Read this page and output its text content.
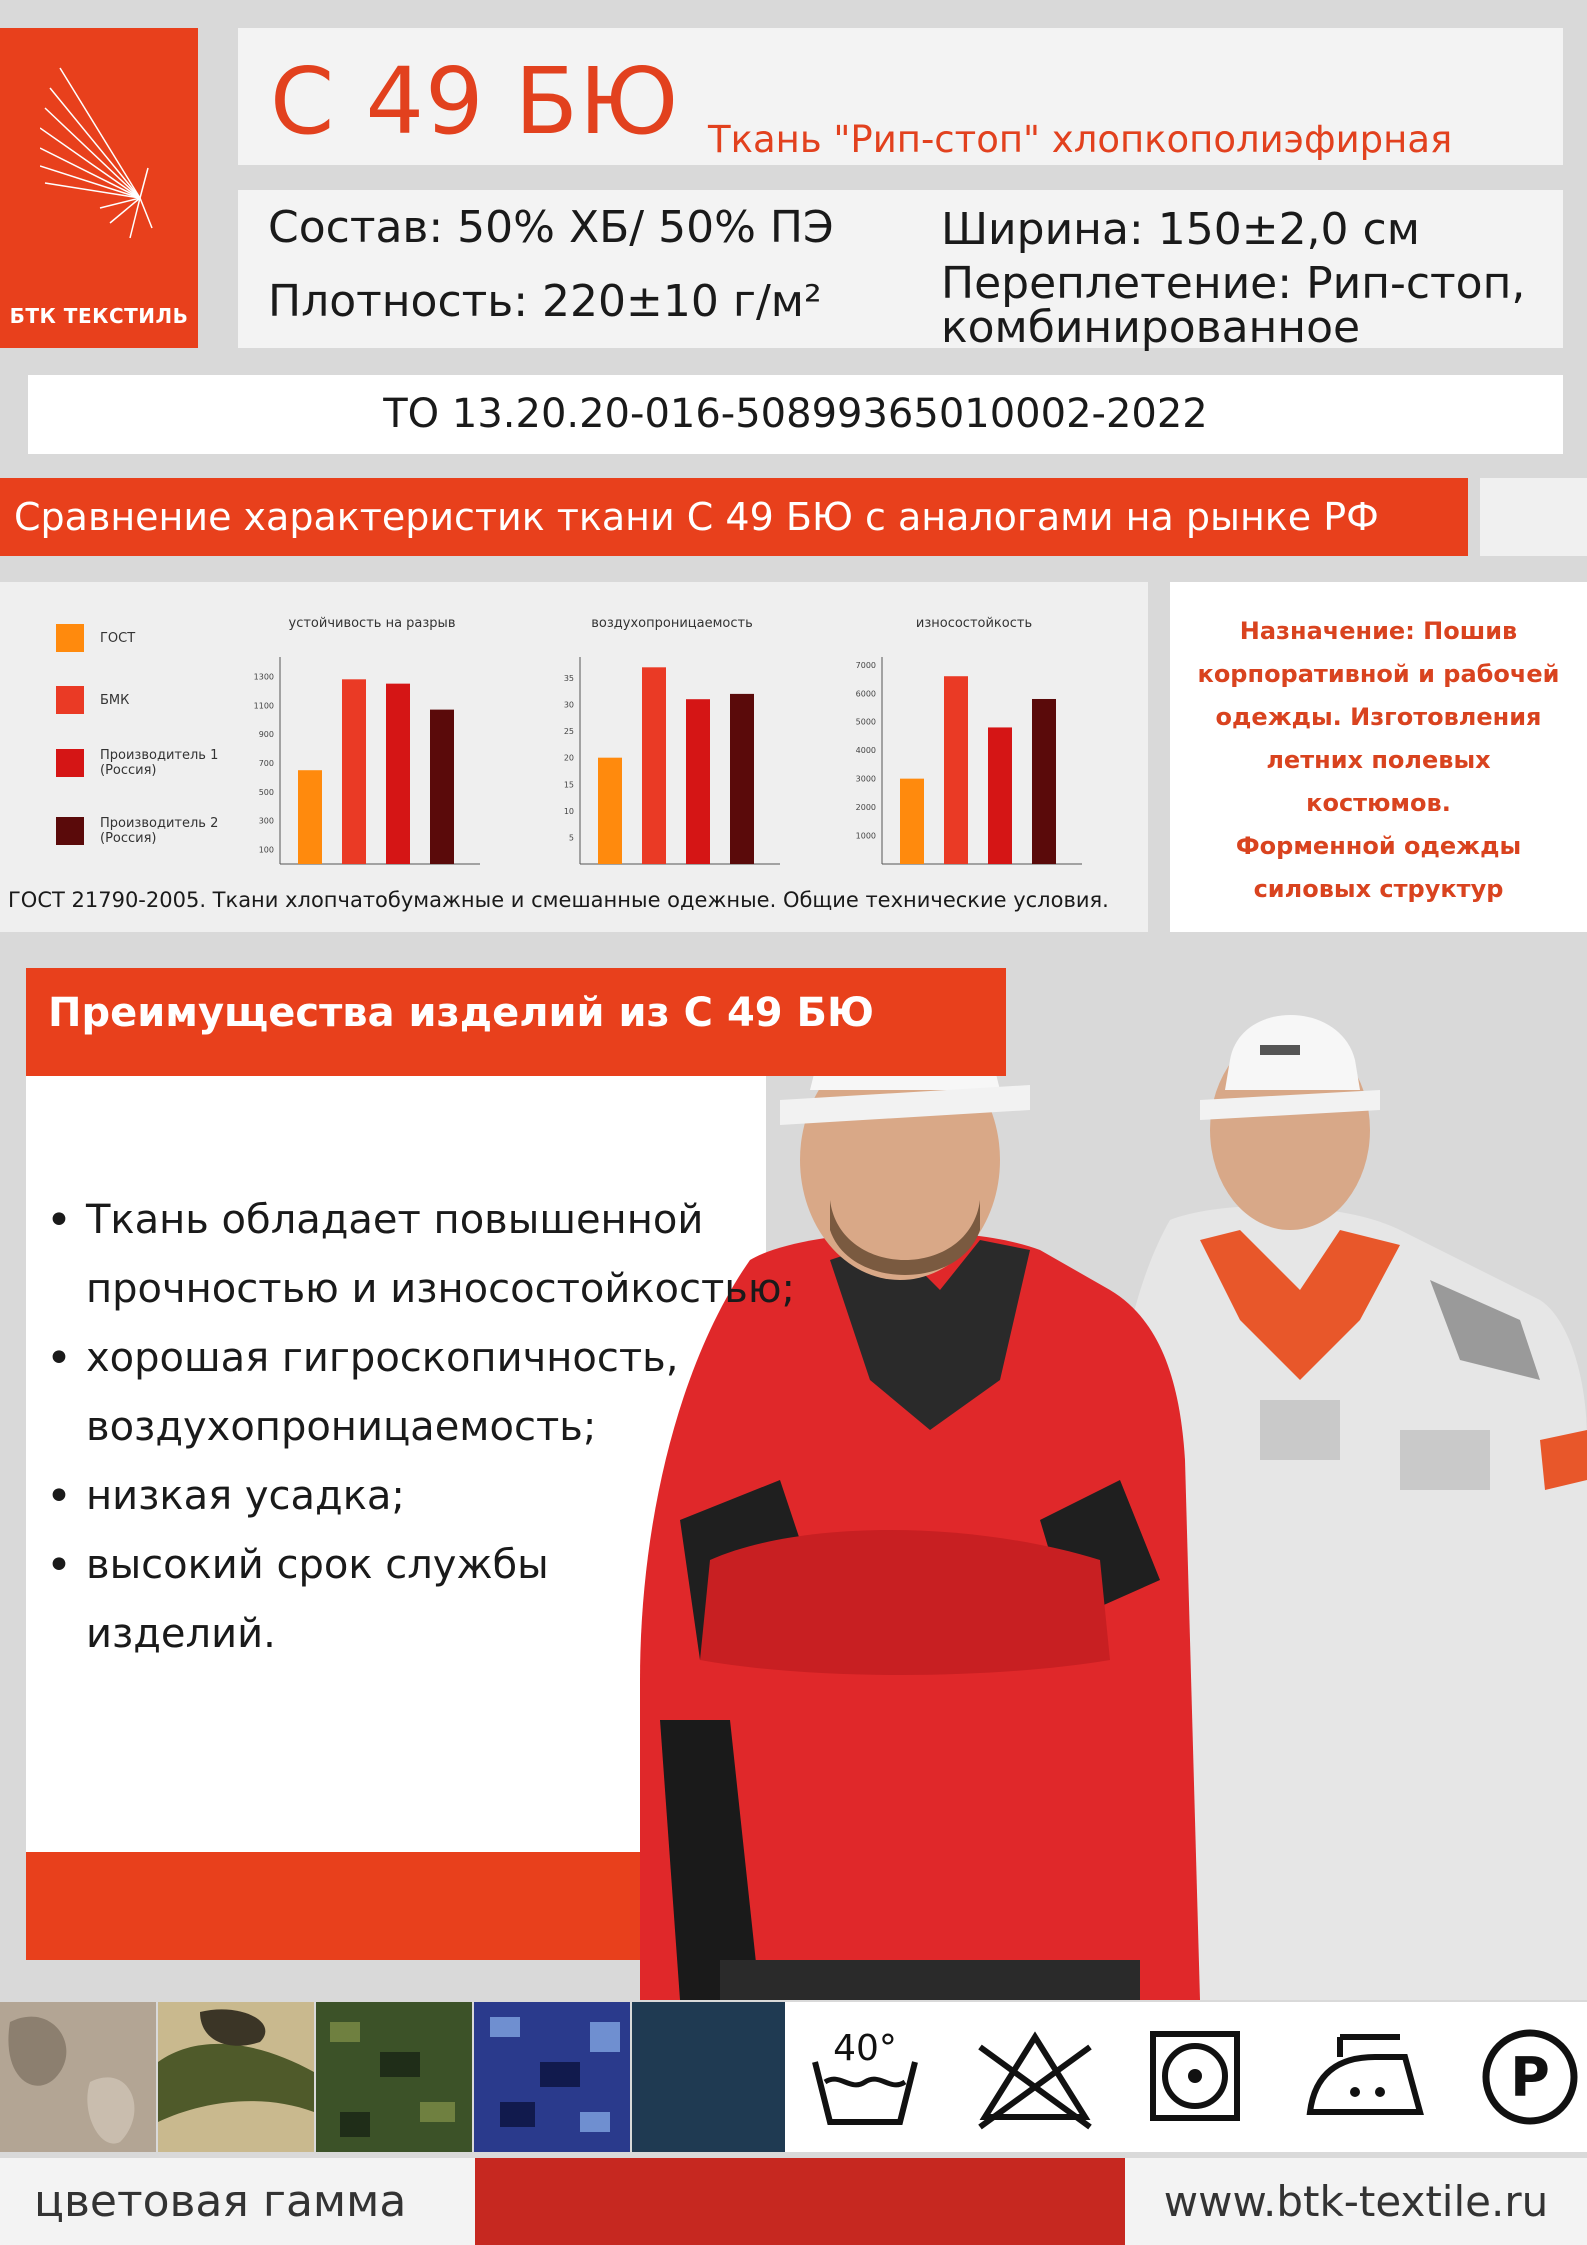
БТК ТЕКСТИЛЬ
С 49 БЮ Ткань "Рип-стоп" хлопкополиэфирная
Состав: 50% ХБ/ 50% ПЭ
Плотность: 220±10 г/м²
Ширина: 150±2,0 см
Переплетение: Рип-стоп,
комбинированное
ТО 13.20.20-016-50899365010002-2022
Сравнение характеристик ткани С 49 БЮ с аналогами на рынке РФ
устойчивость на разрыв
100
300
500
700
900
1100
1300
воздухопроницаемость
5
10
15
20
25
30
35
износостойкость
1000
2000
3000
4000
5000
6000
7000
ГОСТ
БМК
Производитель 1 (Россия)
Производитель 2 (Россия)
ГОСТ 21790-2005. Ткани хлопчатобумажные и смешанные одежные. Общие технические условия.
Назначение: Пошив
корпоративной и рабочей
одежды. Изготовления
летних полевых
костюмов.
Форменной одежды
силовых структур
Преимущества изделий из С 49 БЮ
• Ткань обладает повышенной прочностью и износостойкостью;
• хорошая гигроскопичность, воздухопроницаемость;
• низкая усадка;
• высокий срок службы изделий.
40°	P
цветовая гамма	www.btk-textile.ru
